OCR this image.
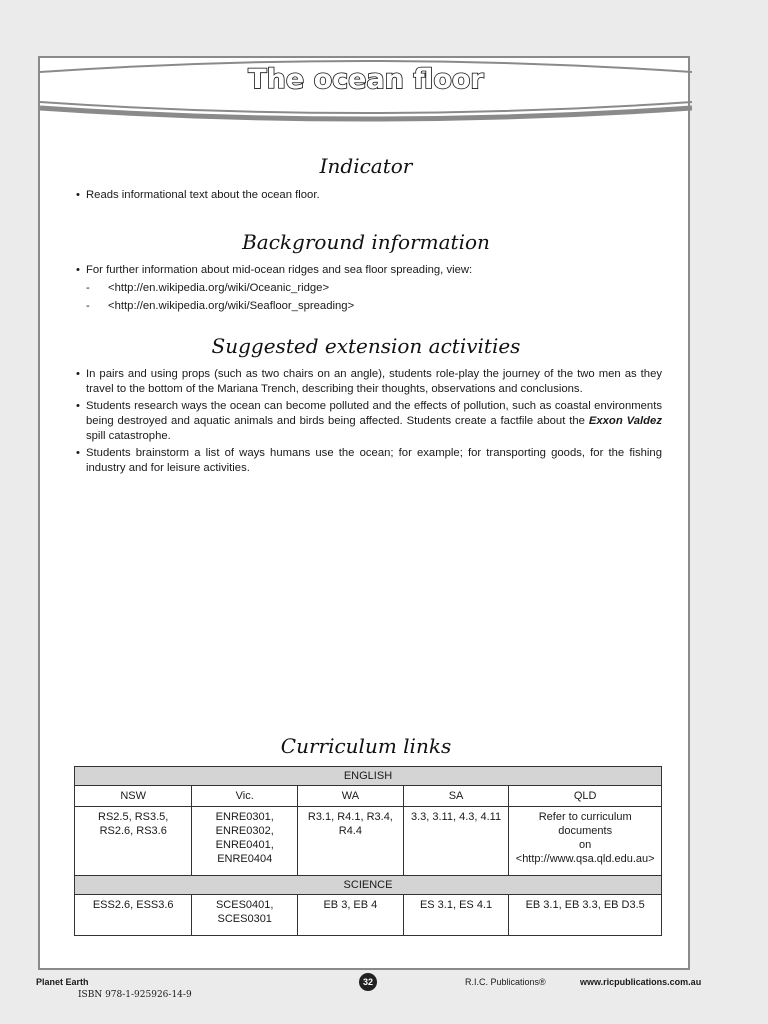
The ocean floor
Indicator
• Reads informational text about the ocean floor.
Background information
• For further information about mid-ocean ridges and sea floor spreading, view:
- <http://en.wikipedia.org/wiki/Oceanic_ridge>
- <http://en.wikipedia.org/wiki/Seafloor_spreading>
Suggested extension activities
• In pairs and using props (such as two chairs on an angle), students role-play the journey of the two men as they travel to the bottom of the Mariana Trench, describing their thoughts, observations and conclusions.
• Students research ways the ocean can become polluted and the effects of pollution, such as coastal environments being destroyed and aquatic animals and birds being affected. Students create a factfile about the Exxon Valdez spill catastrophe.
• Students brainstorm a list of ways humans use the ocean; for example; for transporting goods, for the fishing industry and for leisure activities.
Curriculum links
ENGLISH				
NSW	Vic.	WA	SA	QLD
RS2.5, RS3.5,
RS2.6, RS3.6	ENRE0301,
ENRE0302,
ENRE0401,
ENRE0404	R3.1, R4.1, R3.4,
R4.4	3.3, 3.11, 4.3, 4.11	Refer to curriculum documents
on
<http://www.qsa.qld.edu.au>
SCIENCE				
ESS2.6, ESS3.6	SCES0401,
SCES0301	EB 3, EB 4	ES 3.1, ES 4.1	EB 3.1, EB 3.3, EB D3.5
Planet Earth	32	R.I.C. Publications®	www.ricpublications.com.au
ISBN 978-1-925926-14-9
